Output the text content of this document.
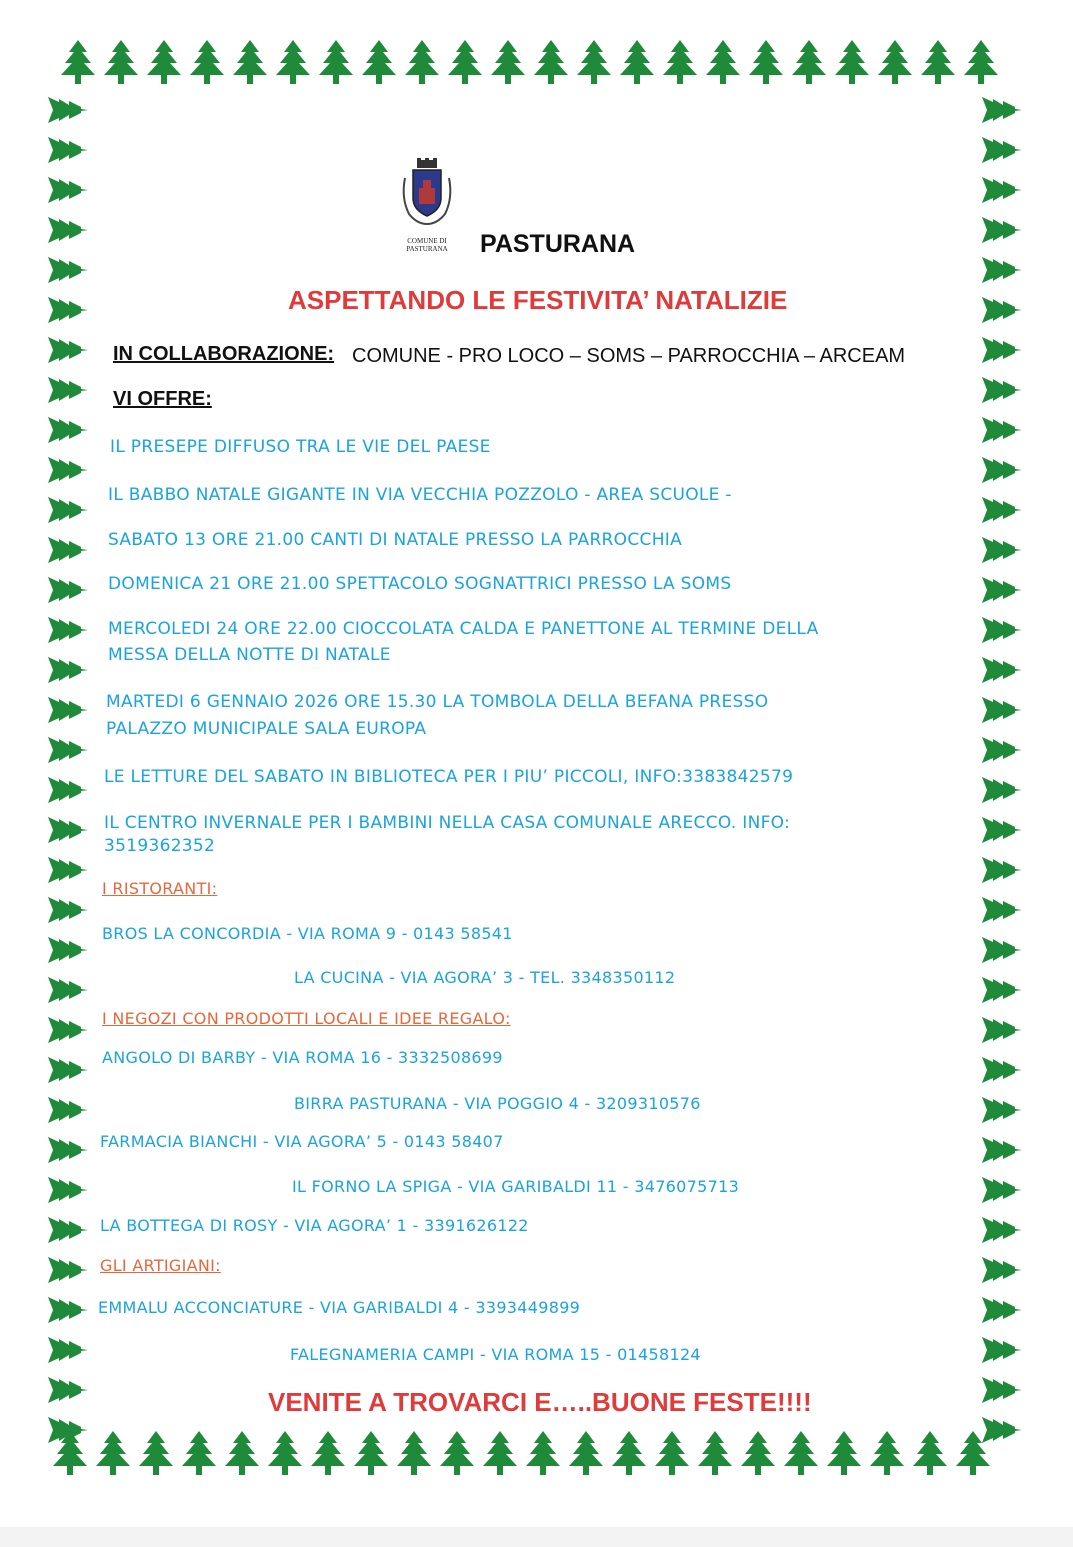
COMUNE DI
PASTURANA	PASTURANA
ASPETTANDO LE FESTIVITA’ NATALIZIE
IN COLLABORAZIONE: COMUNE - PRO LOCO – SOMS – PARROCCHIA – ARCEAM
VI OFFRE:
IL PRESEPE DIFFUSO TRA LE VIE DEL PAESE
IL BABBO NATALE GIGANTE IN VIA VECCHIA POZZOLO - AREA SCUOLE -
SABATO 13 ORE 21.00 CANTI DI NATALE PRESSO LA PARROCCHIA
DOMENICA 21 ORE 21.00 SPETTACOLO SOGNATTRICI PRESSO LA SOMS
MERCOLEDI 24 ORE 22.00 CIOCCOLATA CALDA E PANETTONE AL TERMINE DELLA
MESSA DELLA NOTTE DI NATALE
MARTEDI 6 GENNAIO 2026 ORE 15.30 LA TOMBOLA DELLA BEFANA PRESSO
PALAZZO MUNICIPALE SALA EUROPA
LE LETTURE DEL SABATO IN BIBLIOTECA PER I PIU’ PICCOLI, INFO:3383842579
IL CENTRO INVERNALE PER I BAMBINI NELLA CASA COMUNALE ARECCO. INFO:
3519362352
I RISTORANTI:
BROS LA CONCORDIA - VIA ROMA 9 - 0143 58541
LA CUCINA - VIA AGORA’ 3 - TEL. 3348350112
I NEGOZI CON PRODOTTI LOCALI E IDEE REGALO:
ANGOLO DI BARBY - VIA ROMA 16 - 3332508699
BIRRA PASTURANA - VIA POGGIO 4 - 3209310576
FARMACIA BIANCHI - VIA AGORA’ 5 - 0143 58407
IL FORNO LA SPIGA - VIA GARIBALDI 11 - 3476075713
LA BOTTEGA DI ROSY - VIA AGORA’ 1 - 3391626122
GLI ARTIGIANI:
EMMALU ACCONCIATURE - VIA GARIBALDI 4 - 3393449899
FALEGNAMERIA CAMPI - VIA ROMA 15 - 01458124
VENITE A TROVARCI E…..BUONE FESTE!!!!
